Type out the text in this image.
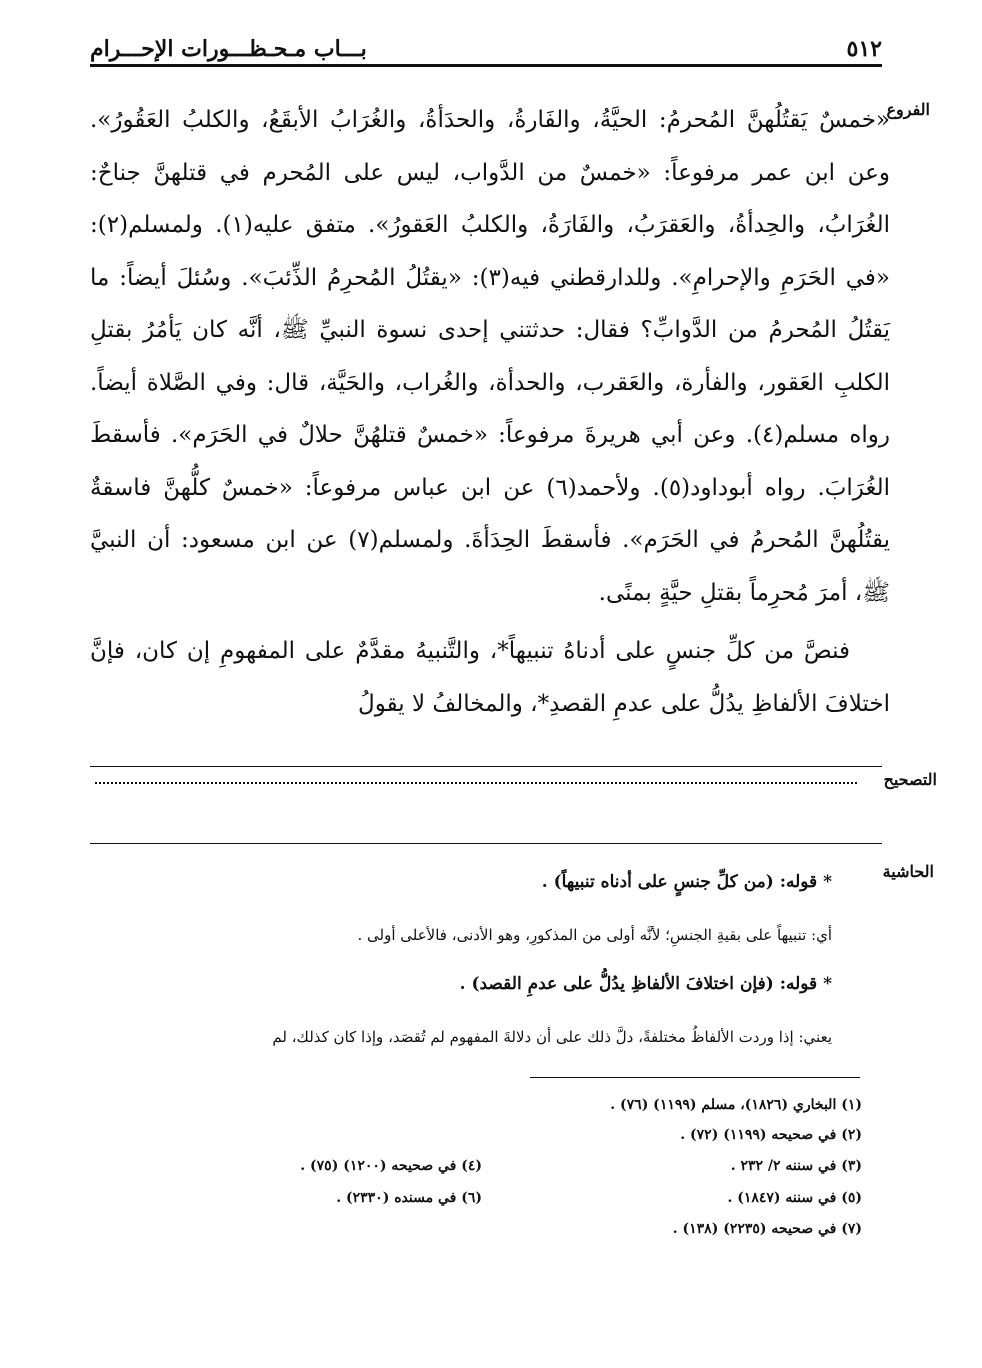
٥١٢
بـــاب مـحـظـــورات الإحـــرام
الفروع

«خمسٌ يَقتُلُهنَّ المُحرمُ: الحيَّةُ، والفَارةُ، والحدَأةُ، والغُرَابُ الأبقَعُ، والكلبُ العَقُورُ». وعن ابن عمر مرفوعاً: «خمسٌ من الدَّواب، ليس على المُحرم في قتلهنَّ جناحٌ: الغُرَابُ، والحِدأةُ، والعَقرَبُ، والفَارَةُ، والكلبُ العَقورُ». متفق عليه(١). ولمسلم(٢): «في الحَرَمِ والإحرامِ». وللدارقطني فيه(٣): «يقتُلُ المُحرِمُ الذِّئبَ». وسُئلَ أيضاً: ما يَقتُلُ المُحرمُ من الدَّوابِّ؟ فقال: حدثتني إحدى نسوة النبيِّ ﷺ، أنَّه كان يَأمُرُ بقتلِ الكلبِ العَقور، والفأرة، والعَقرب، والحدأة، والغُراب، والحَيَّة، قال: وفي الصَّلاة أيضاً. رواه مسلم(٤). وعن أبي هريرةَ مرفوعاً: «خمسٌ قتلهُنَّ حلالٌ في الحَرَم». فأسقطَ الغُرَابَ. رواه أبوداود(٥). ولأحمد(٦) عن ابن عباس مرفوعاً: «خمسٌ كلُّهنَّ فاسقةٌ يقتُلُهنَّ المُحرمُ في الحَرَم». فأسقطَ الحِدَأةَ. ولمسلم(٧) عن ابن مسعود: أن النبيَّ ﷺ، أمرَ مُحرِماً بقتلِ حيَّةٍ بمنًى.

فنصَّ من كلِّ جنسٍ على أدناهُ تنبيهاً*، والتَّنبيهُ مقدَّمٌ على المفهومِ إن كان، فإنَّ اختلافَ الألفاظِ يدُلُّ على عدمِ القصدِ*، والمخالفُ لا يقولُ

التصحيح
الحاشية
* قوله: (من كلِّ جنسٍ على أدناه تنبيهاً) .
أي: تنبيهاً على بقيةِ الجنسِ؛ لأنَّه أولى من المذكورِ، وهو الأدنى، فالأعلى أولى .
* قوله: (فإن اختلافَ الألفاظِ يدُلُّ على عدمِ القصد) .
يعني: إذا وردت الألفاظُ مختلفةً، دلَّ ذلك على أن دلالةَ المفهوم لم تُقصَد، وإذا كان كذلك، لم
(١) البخاري (١٨٢٦)، مسلم (١١٩٩) (٧٦) .
(٢) في صحيحه (١١٩٩) (٧٢) .
(٣) في سننه ٢/ ٢٣٢ .
(٤) في صحيحه (١٢٠٠) (٧٥) .
(٥) في سننه (١٨٤٧) .
(٦) في مسنده (٢٣٣٠) .
(٧) في صحيحه (٢٢٣٥) (١٣٨) .
